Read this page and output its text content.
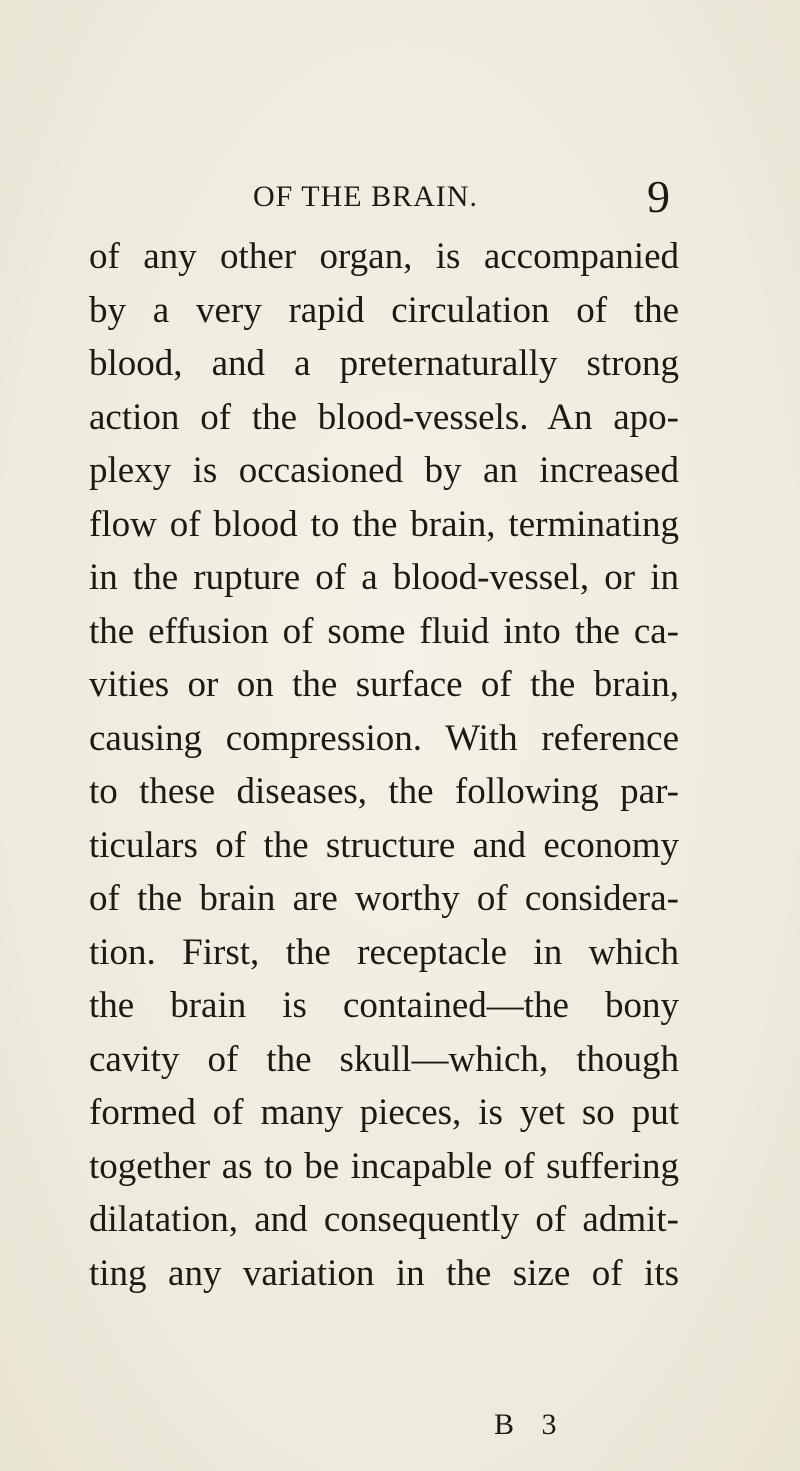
OF THE BRAIN.	9
of any other organ, is accompanied
by a very rapid circulation of the
blood, and a preternaturally strong
action of the blood-vessels. An apo-
plexy is occasioned by an increased
flow of blood to the brain, terminating
in the rupture of a blood-vessel, or in
the effusion of some fluid into the ca-
vities or on the surface of the brain,
causing compression. With reference
to these diseases, the following par-
ticulars of the structure and economy
of the brain are worthy of considera-
tion. First, the receptacle in which
the brain is contained—the bony
cavity of the skull—which, though
formed of many pieces, is yet so put
together as to be incapable of suffering
dilatation, and consequently of admit-
ting any variation in the size of its
B 3
